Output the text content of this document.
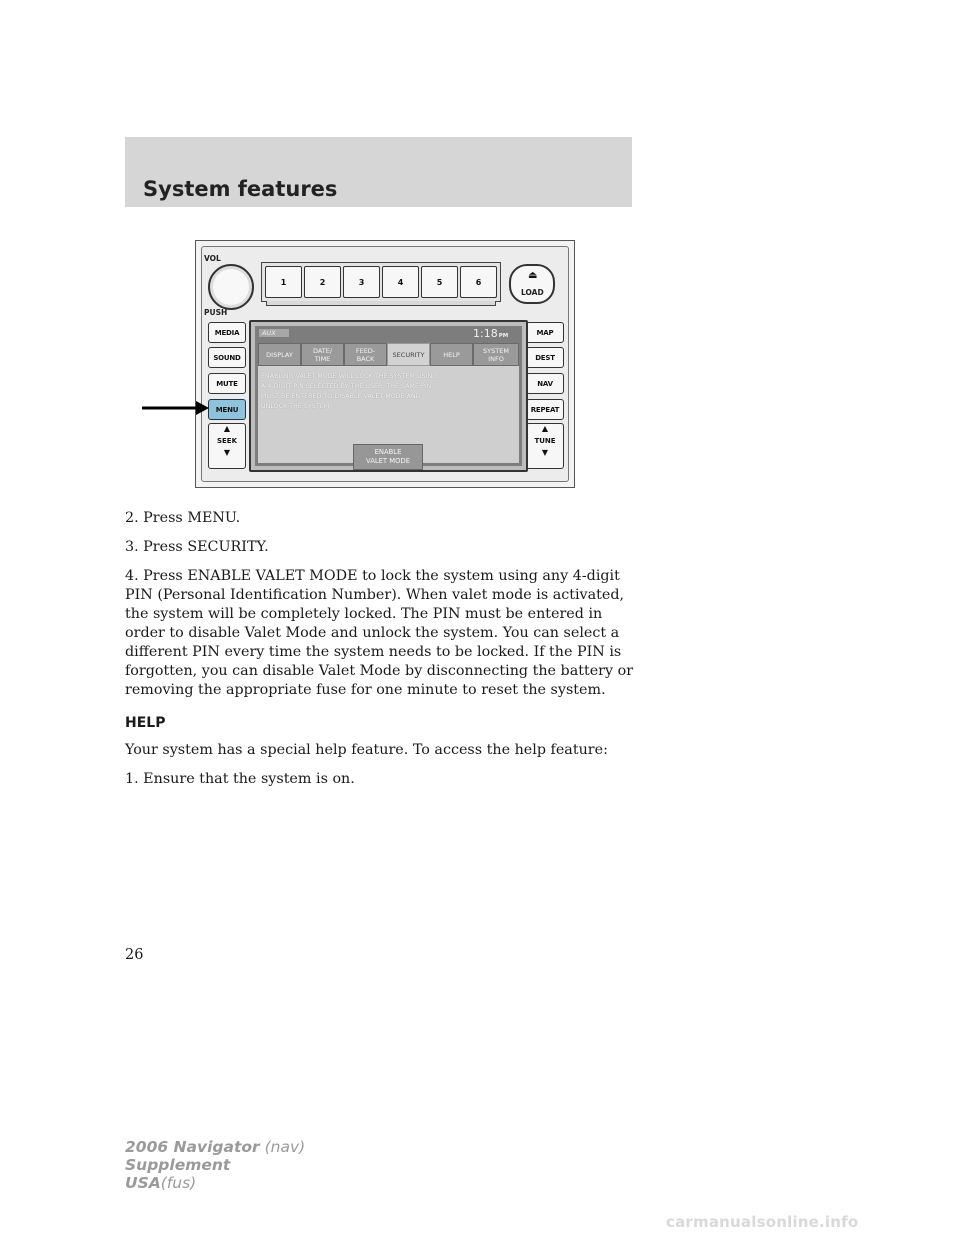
System features
VOL
PUSH
1	2	3	4	5	6
⏏
LOAD
MEDIA
SOUND
MUTE
MENU
▲
SEEK
▼
MAP
DEST
NAV
REPEAT
▲
TUNE
▼
AUX	1:18PM
DISPLAY	DATE/
TIME
FEED-
BACK	SECURITY	HELP	SYSTEM
INFO
ENABLING VALET MODE WILL LOCK THE SYSTEM USING
A 4-DIGIT PIN SELECTED BY THE USER. THE SAME PIN
MUST BE ENTERED TO DISABLE VALET MODE AND
UNLOCK THE SYSTEM.
ENABLE
VALET MODE

2. Press MENU.

3. Press SECURITY.

4. Press ENABLE VALET MODE to lock the system using any 4-digit PIN (Personal Identification Number). When valet mode is activated, the system will be completely locked. The PIN must be entered in order to disable Valet Mode and unlock the system. You can select a different PIN every time the system needs to be locked. If the PIN is forgotten, you can disable Valet Mode by disconnecting the battery or removing the appropriate fuse for one minute to reset the system.

HELP

Your system has a special help feature. To access the help feature:

1. Ensure that the system is on.

26
2006 Navigator (nav)
Supplement
USA(fus)
carmanualsonline.info
